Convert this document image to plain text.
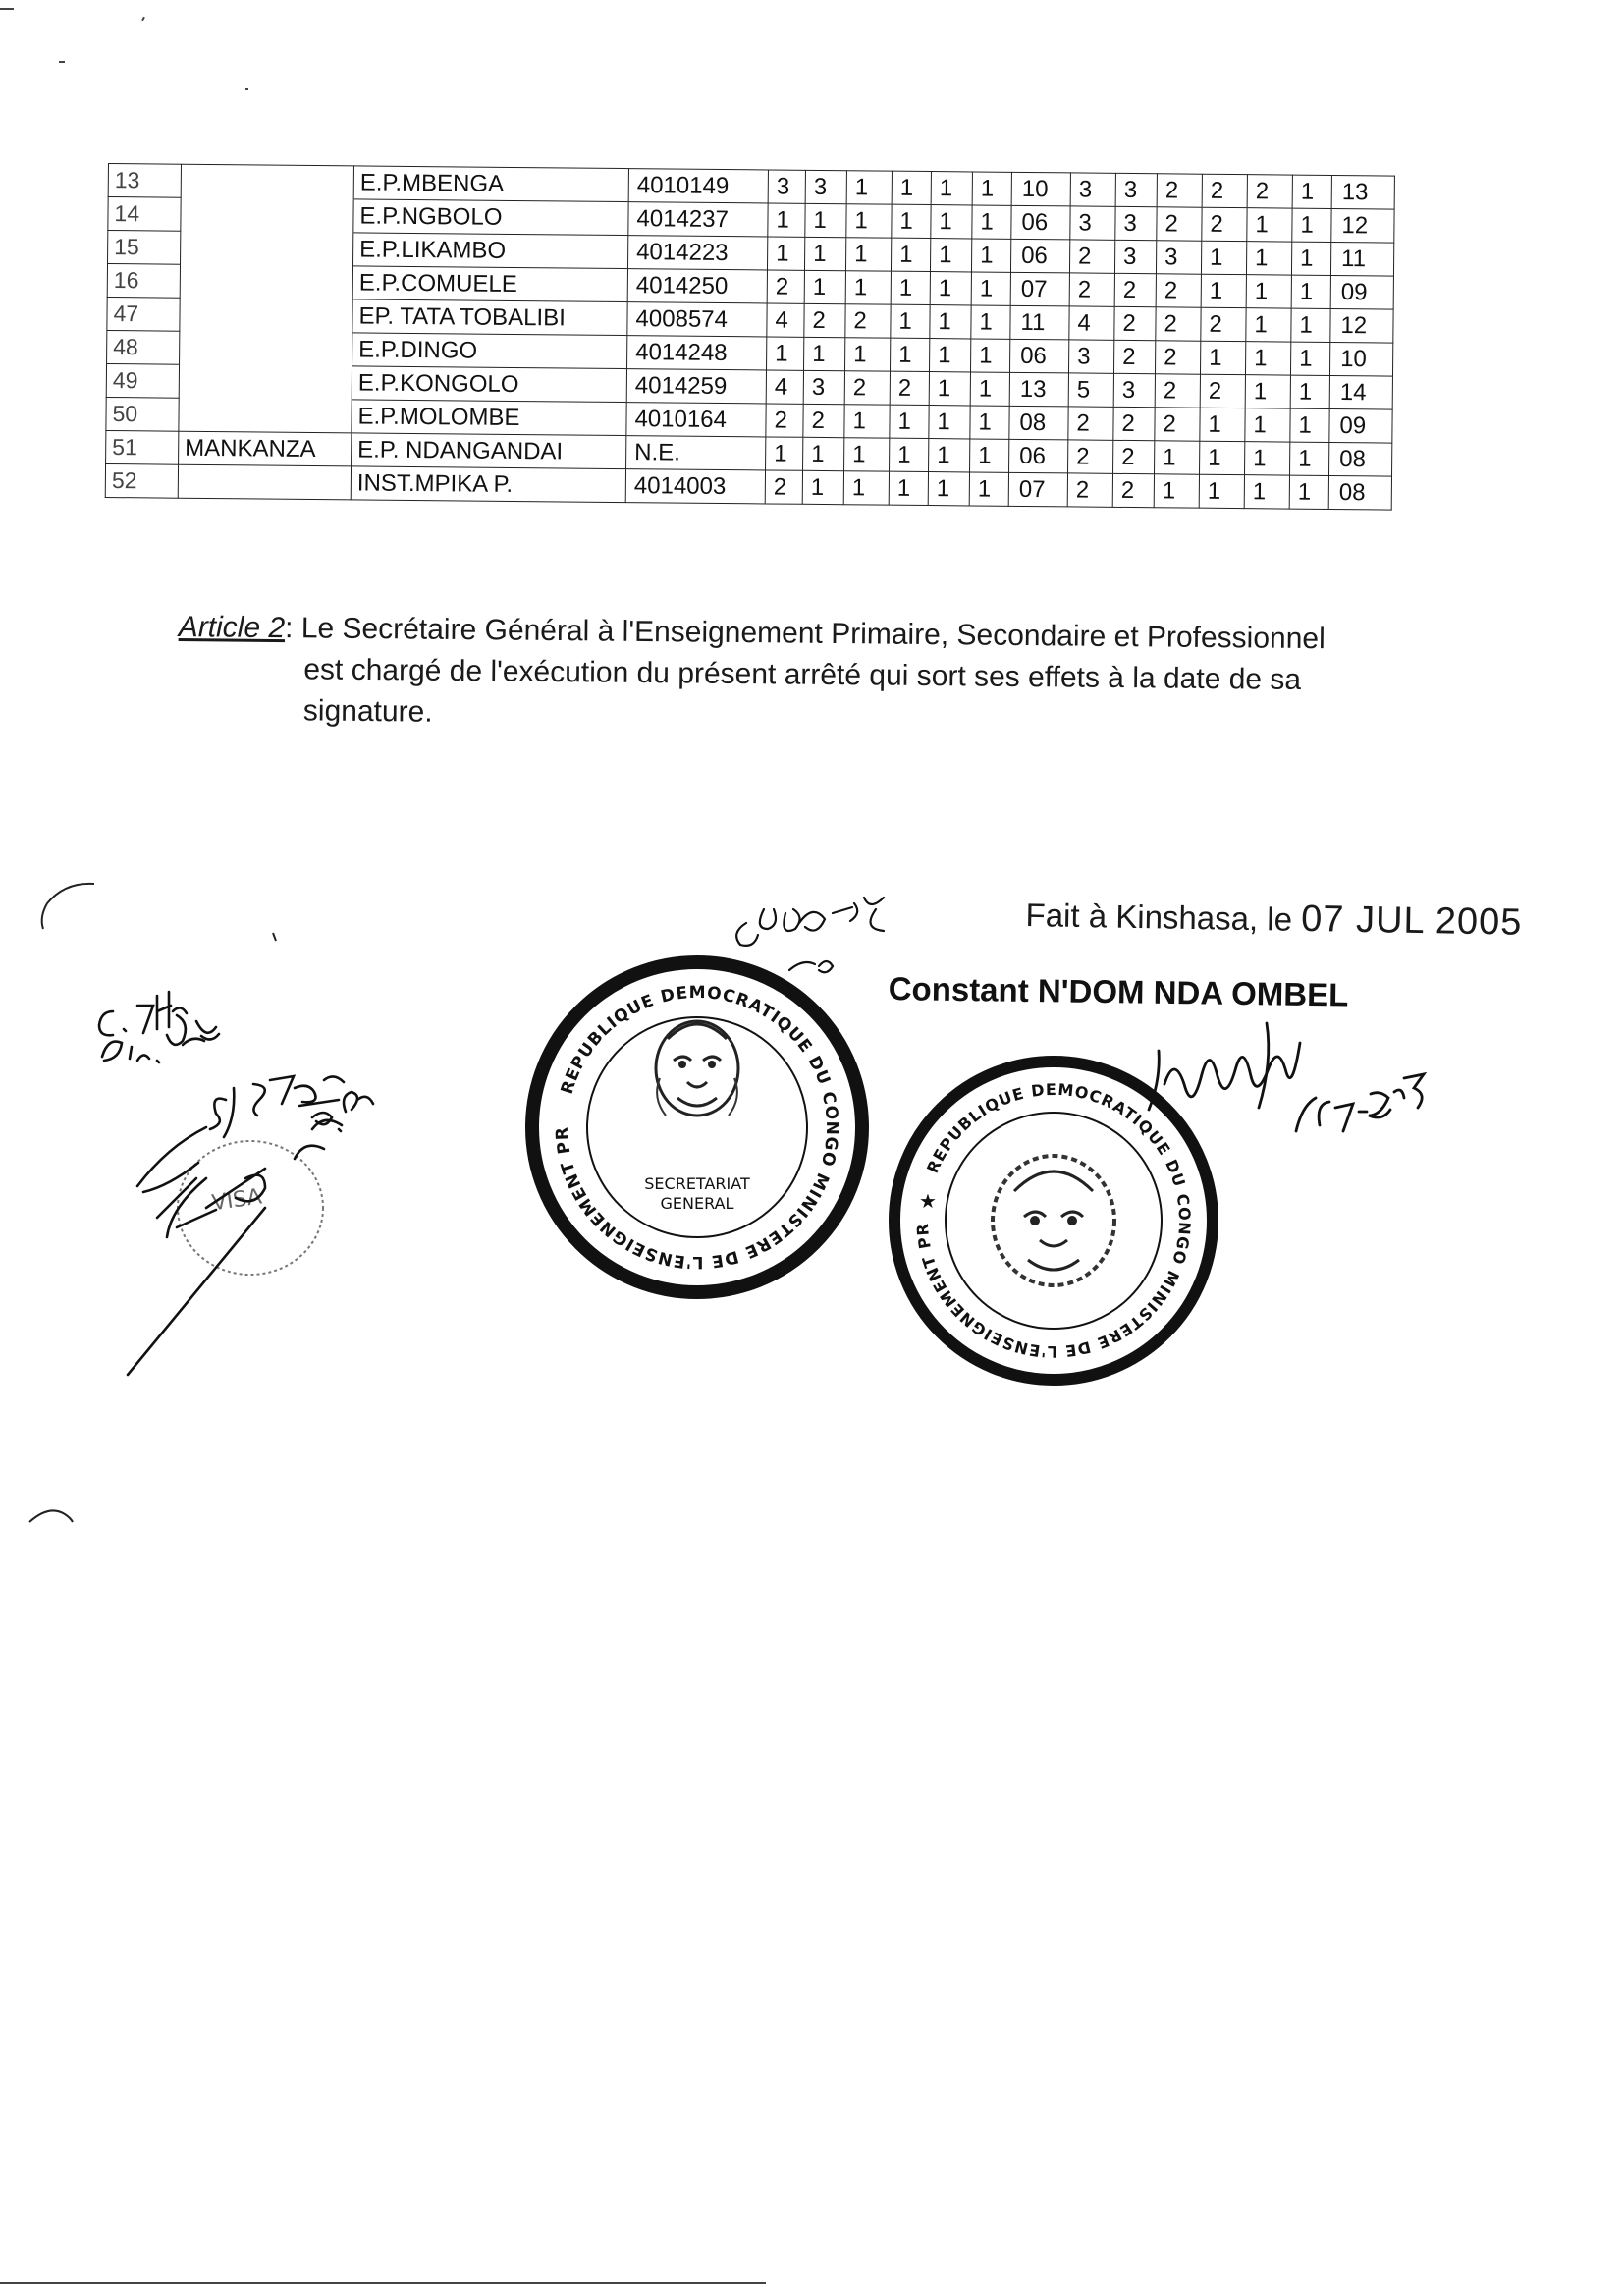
13		E.P.MBENGA	4010149	3	3	1	1	1	1	10	3	3	2	2	2	1	13
14		E.P.NGBOLO	4014237	1	1	1	1	1	1	06	3	3	2	2	1	1	12
15		E.P.LIKAMBO	4014223	1	1	1	1	1	1	06	2	3	3	1	1	1	11
16		E.P.COMUELE	4014250	2	1	1	1	1	1	07	2	2	2	1	1	1	09
47		EP. TATA TOBALIBI	4008574	4	2	2	1	1	1	11	4	2	2	2	1	1	12
48		E.P.DINGO	4014248	1	1	1	1	1	1	06	3	2	2	1	1	1	10
49		E.P.KONGOLO	4014259	4	3	2	2	1	1	13	5	3	2	2	1	1	14
50		E.P.MOLOMBE	4010164	2	2	1	1	1	1	08	2	2	2	1	1	1	09
51	MANKANZA	E.P. NDANGANDAI	N.E.	1	1	1	1	1	1	06	2	2	1	1	1	1	08
52		INST.MPIKA P.	4014003	2	1	1	1	1	1	07	2	2	1	1	1	1	08
Article 2: Le Secrétaire Général à l'Enseignement Primaire, Secondaire et Professionnel
est chargé de l'exécution du présent arrêté qui sort ses effets à la date de sa
signature.
Fait à Kinshasa, le 07 JUL 2005
Constant N'DOM NDA OMBEL
REPUBLIQUE DEMOCRATIQUE DU CONGO MINISTERE DE L'ENSEIGNEMENT PR
SECRETARIAT
GENERAL
REPUBLIQUE DEMOCRATIQUE DU CONGO MINISTERE DE L'ENSEIGNEMENT PR
★
VISA
